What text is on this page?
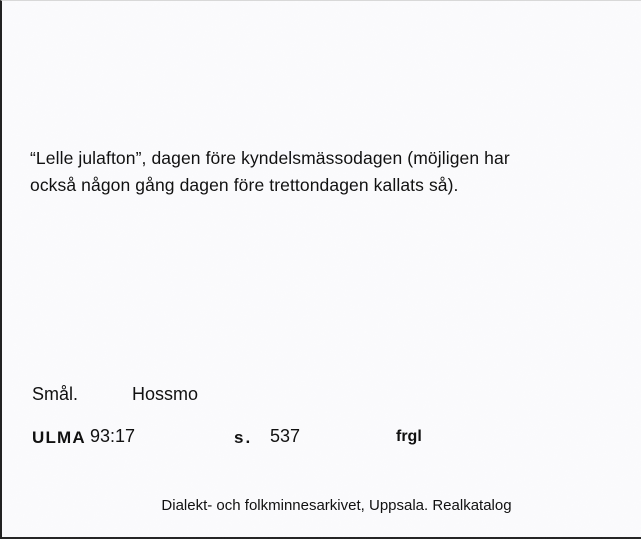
“Lelle julafton”, dagen före kyndelsmässodagen (möjligen har
också någon gång dagen före trettondagen kallats så).
Smål.	Hossmo
ULMA 93:17	s. 537	frgl
Dialekt- och folkminnesarkivet, Uppsala. Realkatalog
